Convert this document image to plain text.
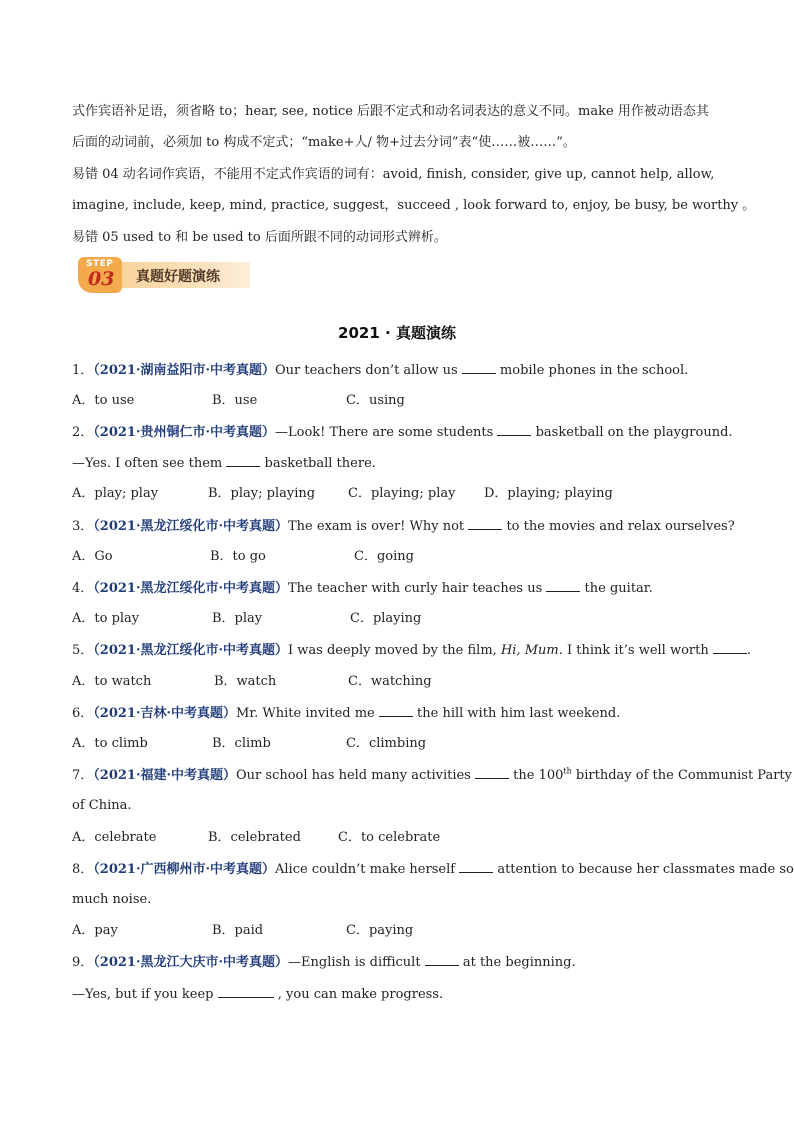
式作宾语补足语，须省略 to；hear, see, notice 后跟不定式和动名词表达的意义不同。make 用作被动语态其
后面的动词前，必须加 to 构成不定式；“make+人/ 物+过去分词”表“使……被……”。
易错 04 动名词作宾语，不能用不定式作宾语的词有：avoid, finish, consider, give up, cannot help, allow,
imagine, include, keep, mind, practice, suggest，succeed , look forward to, enjoy, be busy, be worthy 。
易错 05 used to 和 be used to 后面所跟不同的动词形式辨析。
STEP
03 真题好题演练
2021 · 真题演练
1．（2021·湖南益阳市·中考真题）Our teachers don’t allow us	mobile phones in the school.
A．to use	B．use	C．using
2．（2021·贵州铜仁市·中考真题）—Look! There are some students	basketball on the playground.
—Yes. I often see them	basketball there.
A．play; play	B．play; playing	C．playing; play D．playing; playing
3．（2021·黑龙江绥化市·中考真题）The exam is over! Why not	to the movies and relax ourselves?
A．Go	B．to go	C．going
4．（2021·黑龙江绥化市·中考真题）The teacher with curly hair teaches us	the guitar.
A．to play	B．play	C．playing
5．（2021·黑龙江绥化市·中考真题）I was deeply moved by the film, Hi, Mum. I think it’s well worth	.
A．to watch	B．watch	C．watching
6．（2021·吉林·中考真题）Mr. White invited me	the hill with him last weekend.
A．to climb	B．climb	C．climbing
7．（2021·福建·中考真题）Our school has held many activities	the 100th birthday of the Communist Party
of China.
A．celebrate	B．celebrated	C．to celebrate
8．（2021·广西柳州市·中考真题）Alice couldn’t make herself	attention to because her classmates made so
much noise.
A．pay	B．paid	C．paying
9．（2021·黑龙江大庆市·中考真题）—English is difficult	at the beginning.
—Yes, but if you keep	, you can make progress.
